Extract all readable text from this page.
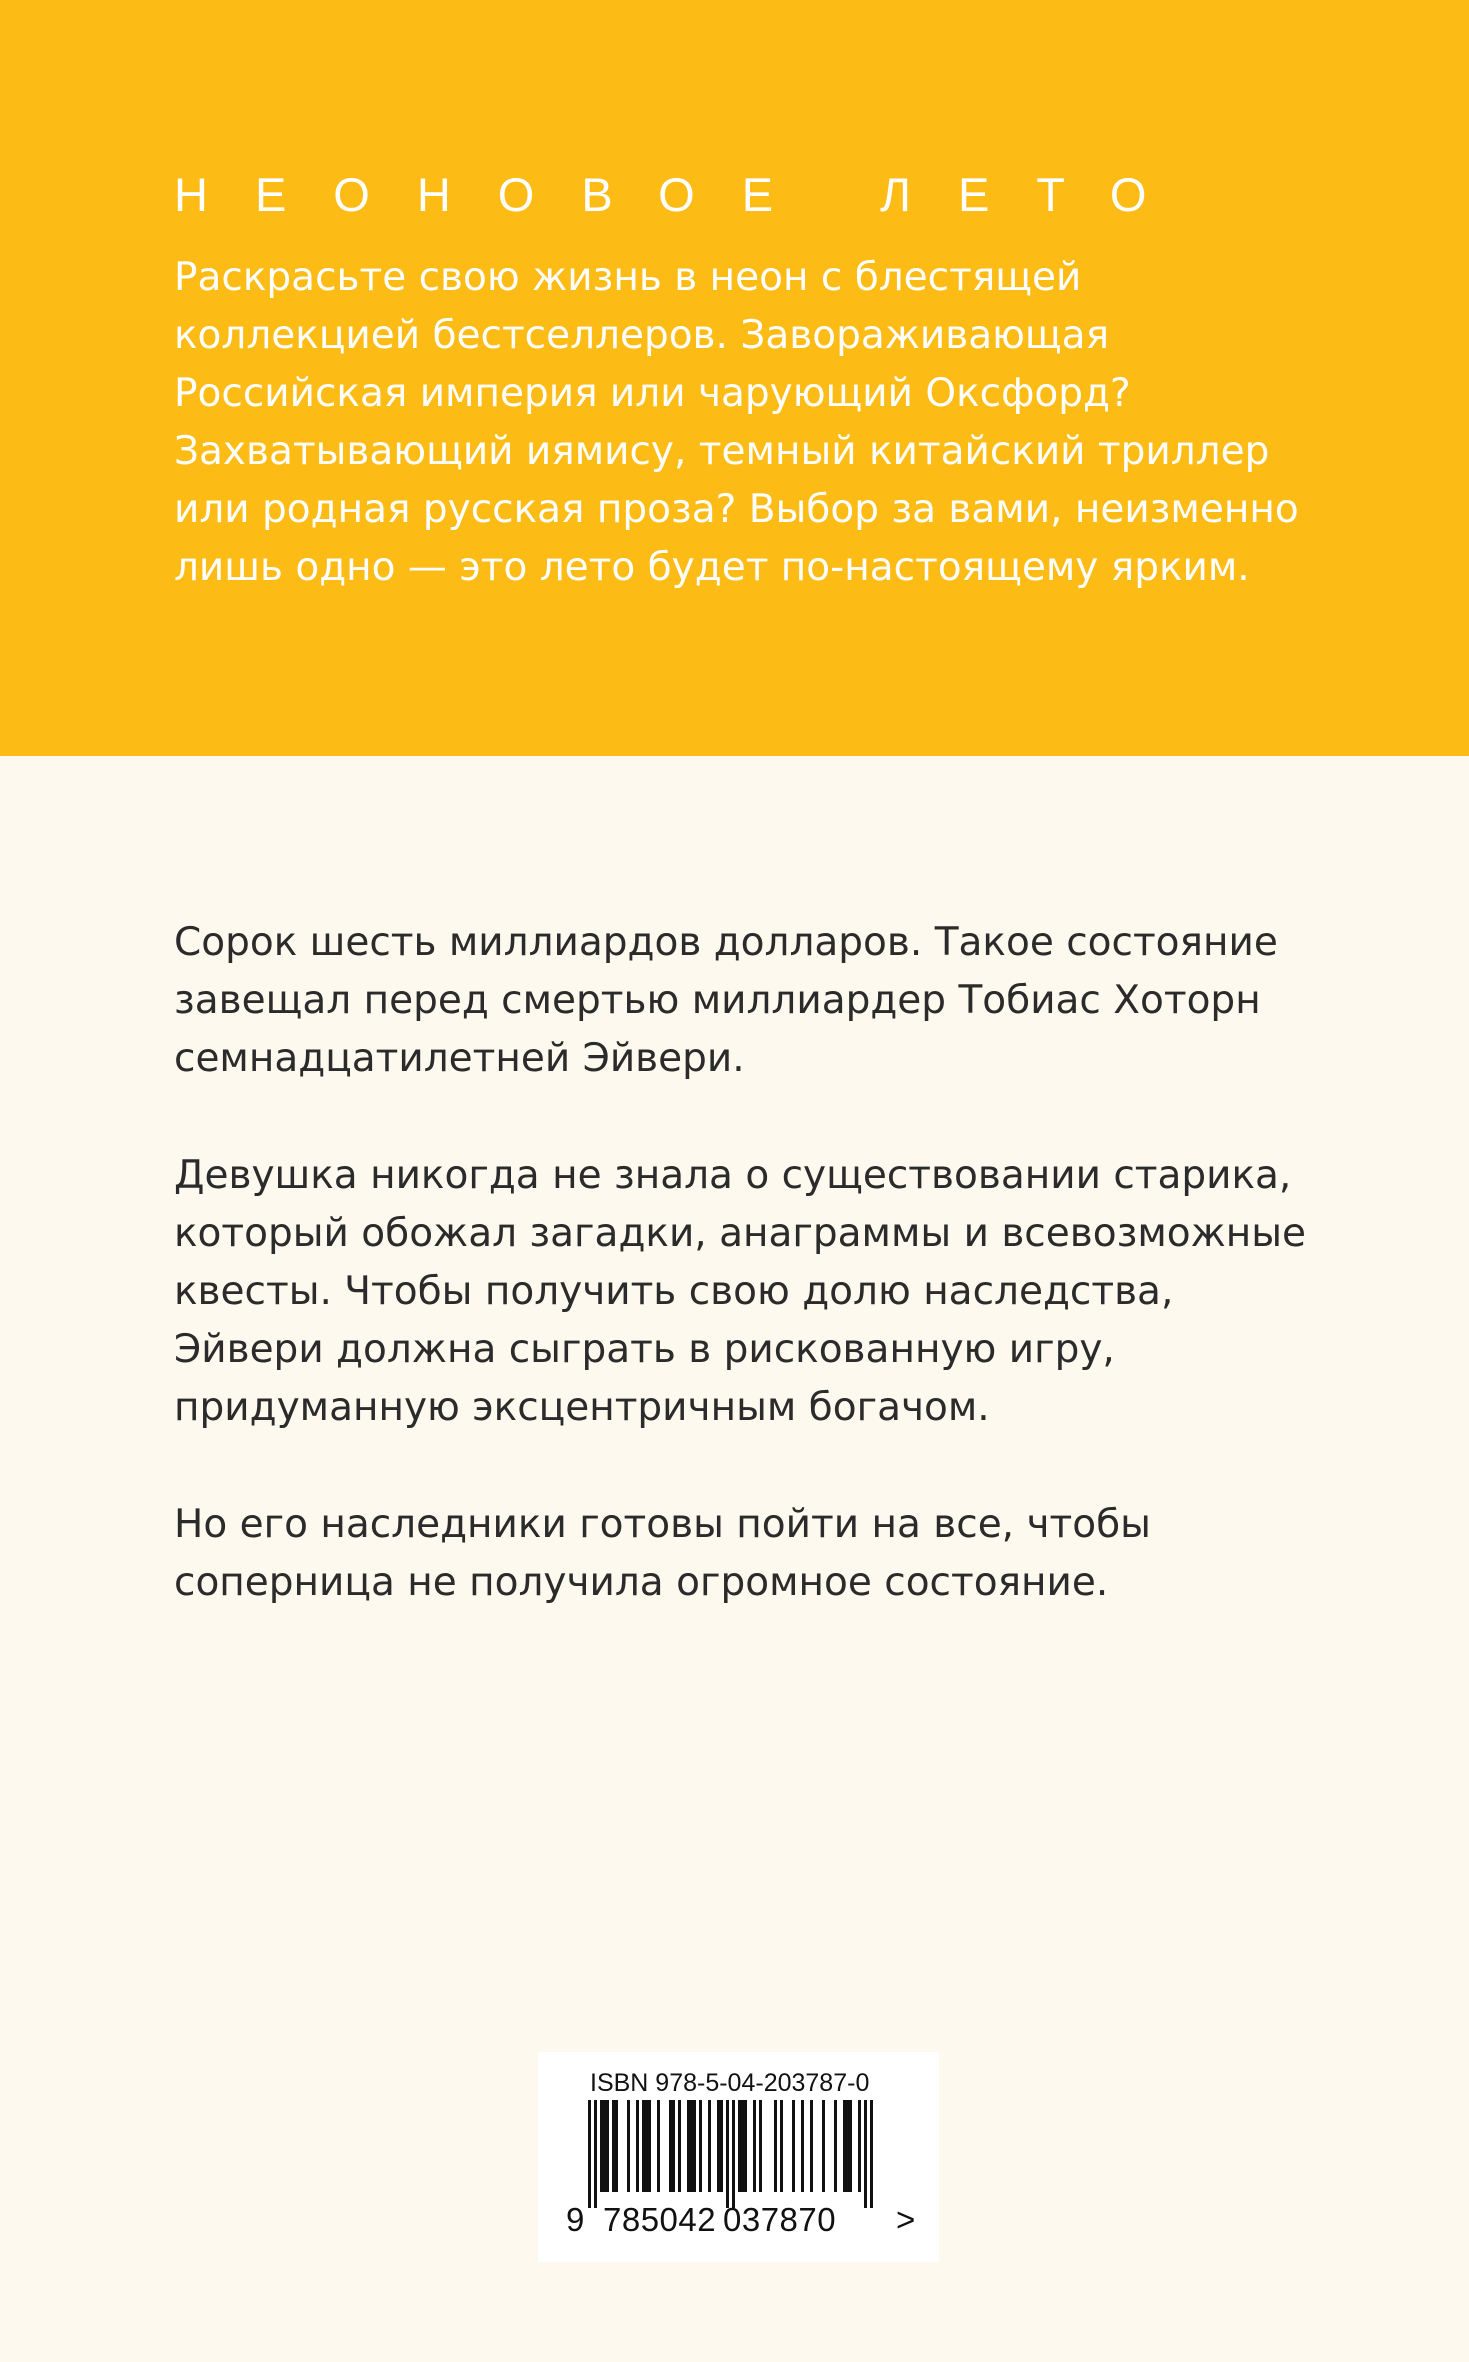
НЕОНОВОЕ ЛЕТО

Раскрасьте свою жизнь в неон с блестящей коллекцией бестселлеров. Завораживающая Российская империя или чарующий Оксфорд? Захватывающий иямису, темный китайский триллер или родная русская проза? Выбор за вами, неизменно лишь одно — это лето будет по-настоящему ярким.

Сорок шесть миллиардов долларов. Такое состояние завещал перед смертью миллиардер Тобиас Хоторн семнадцатилетней Эйвери.

Девушка никогда не знала о существовании старика, который обожал загадки, анаграммы и всевозможные квесты. Чтобы получить свою долю наследства, Эйвери должна сыграть в рискованную игру, придуманную эксцентричным богачом.

Но его наследники готовы пойти на все, чтобы соперница не получила огромное состояние.

ISBN 978-5-04-203787-0
9 785042 037870 >
